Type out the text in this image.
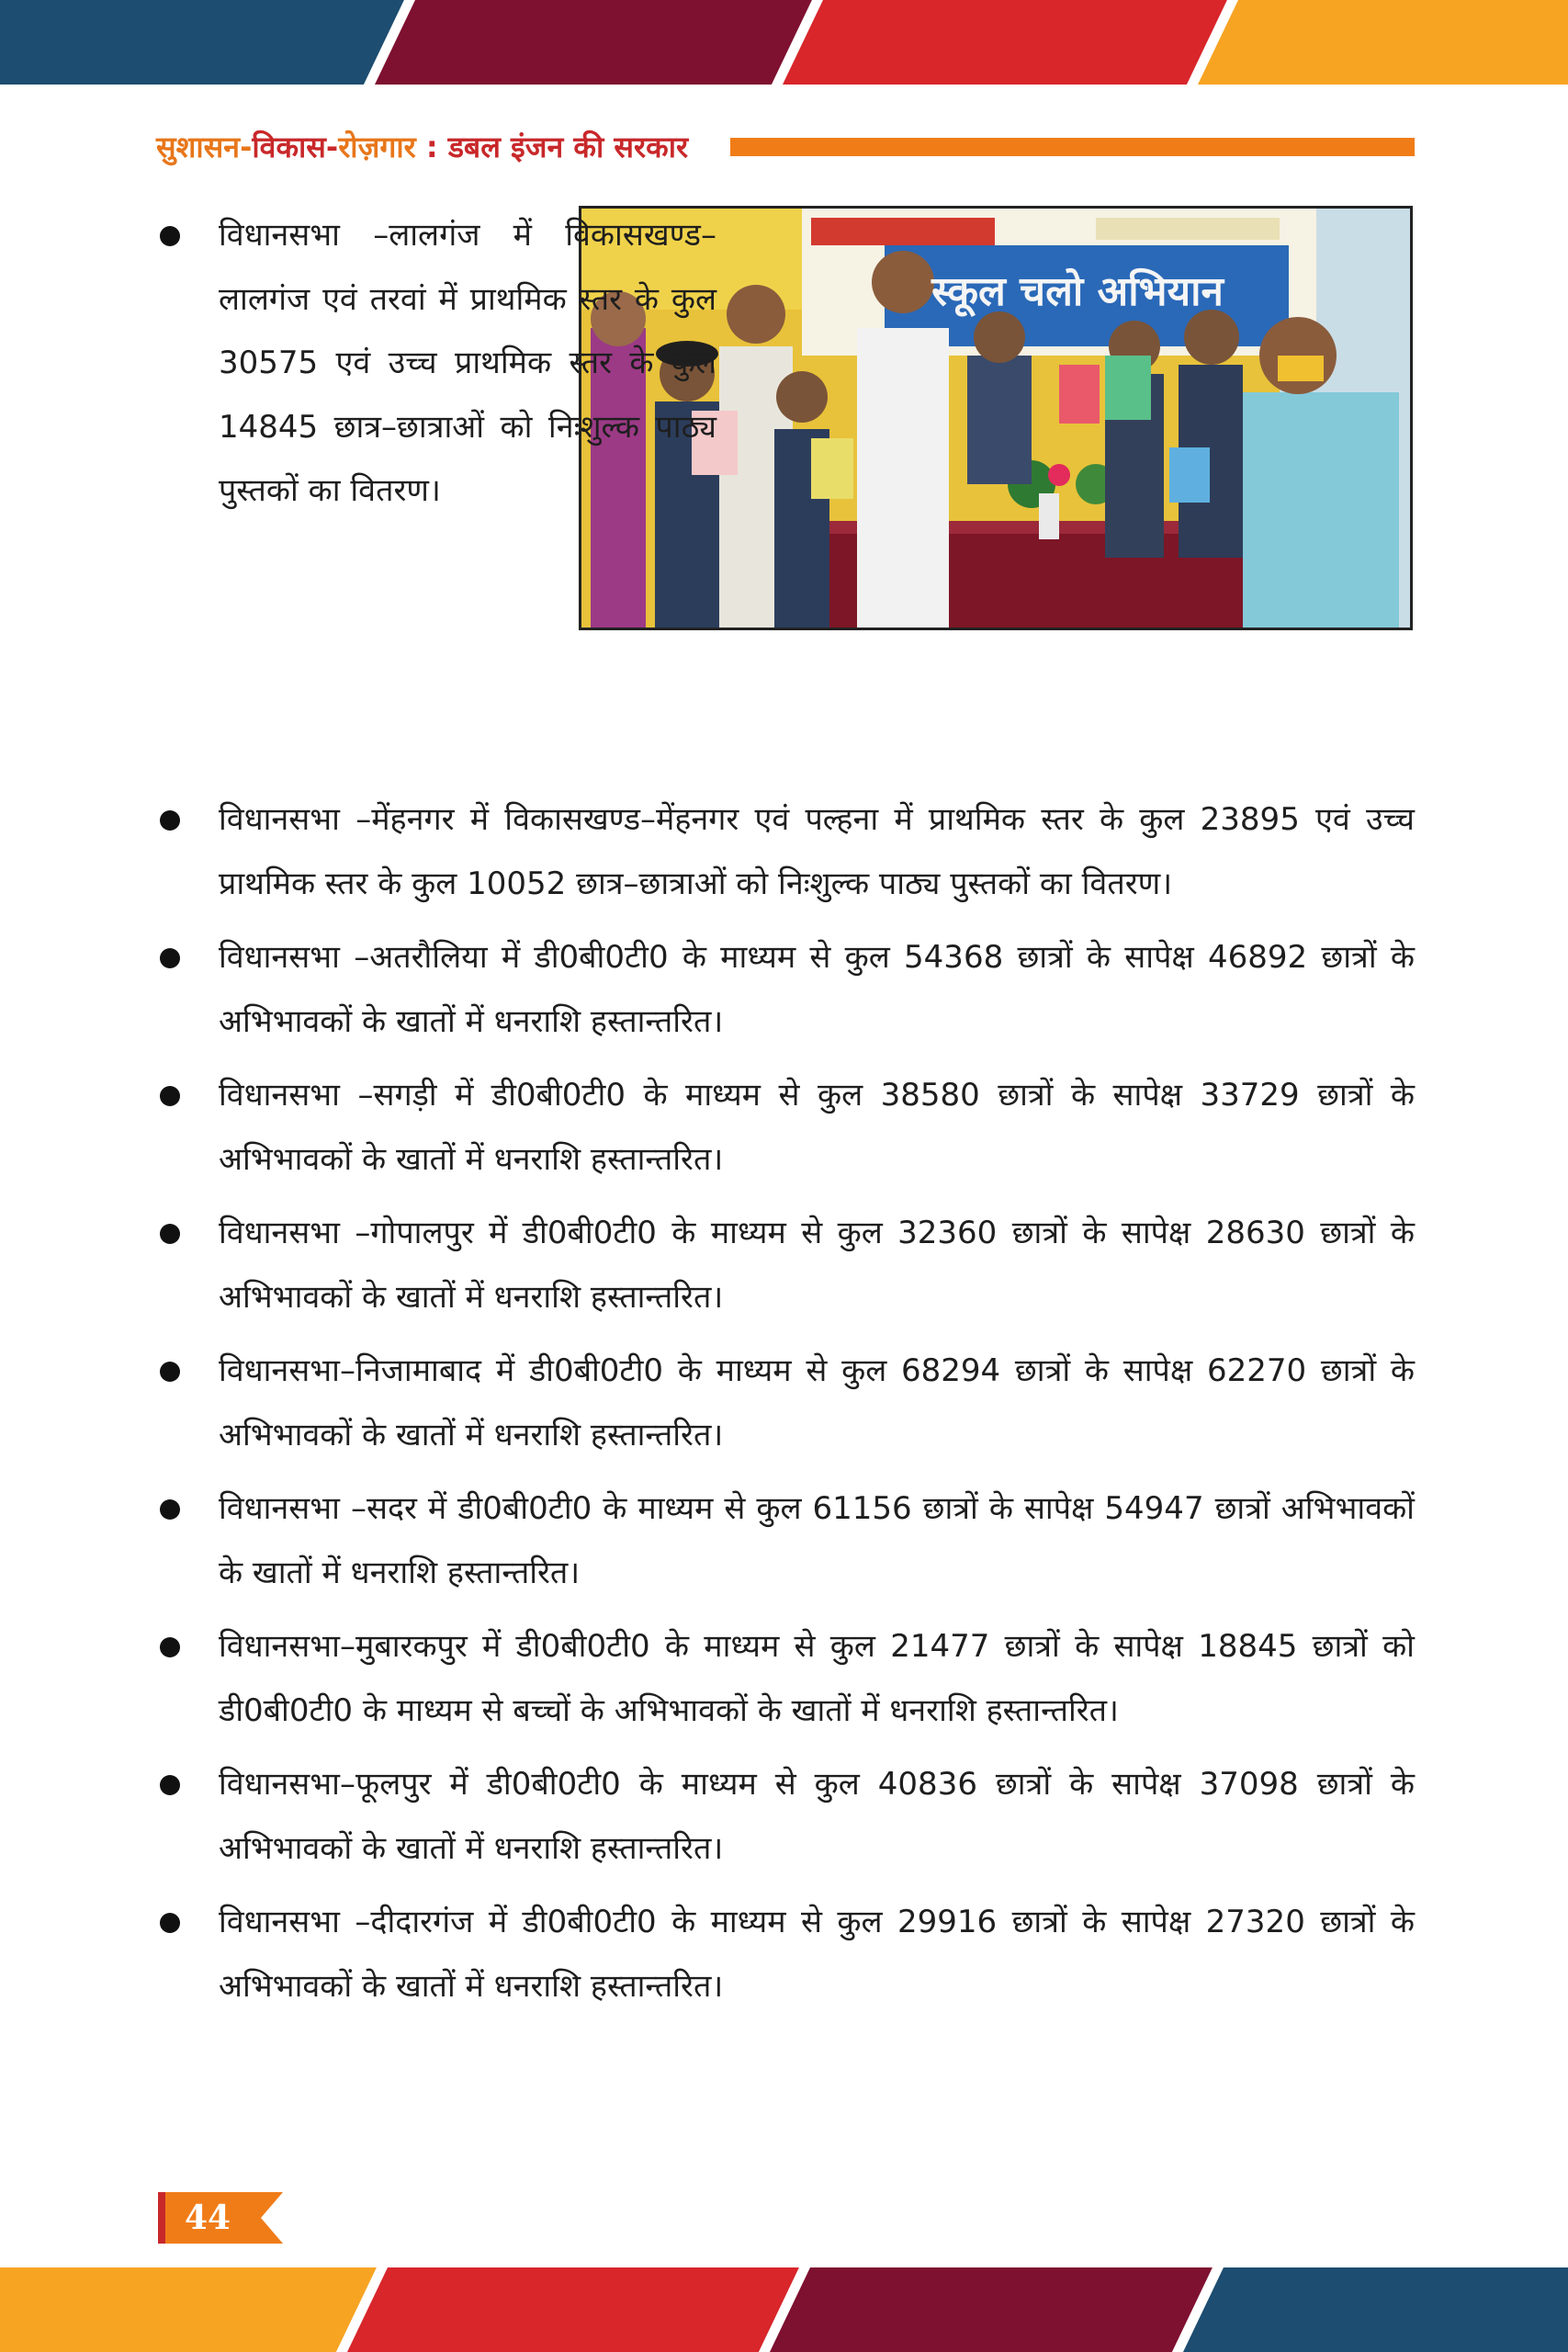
सुशासन-विकास-रोज़गार : डबल इंजन की सरकार
स्कूल चलो अभियान
विधानसभा –लालगंज में विकासखण्ड–लालगंज एवं तरवां में प्राथमिक स्तर के कुल 30575 एवं उच्च प्राथमिक स्तर के कुल 14845 छात्र–छात्राओं को निःशुल्क पाठ्य पुस्तकों का वितरण।
विधानसभा –मेंहनगर में विकासखण्ड–मेंहनगर एवं पल्हना में प्राथमिक स्तर के कुल 23895 एवं उच्च प्राथमिक स्तर के कुल 10052 छात्र–छात्राओं को निःशुल्क पाठ्य पुस्तकों का वितरण।
विधानसभा –अतरौलिया में डी0बी0टी0 के माध्यम से कुल 54368 छात्रों के सापेक्ष 46892 छात्रों के अभिभावकों के खातों में धनराशि हस्तान्तरित।
विधानसभा –सगड़ी में डी0बी0टी0 के माध्यम से कुल 38580 छात्रों के सापेक्ष 33729 छात्रों के अभिभावकों के खातों में धनराशि हस्तान्तरित।
विधानसभा –गोपालपुर में डी0बी0टी0 के माध्यम से कुल 32360 छात्रों के सापेक्ष 28630 छात्रों के अभिभावकों के खातों में धनराशि हस्तान्तरित।
विधानसभा–निजामाबाद में डी0बी0टी0 के माध्यम से कुल 68294 छात्रों के सापेक्ष 62270 छात्रों के अभिभावकों के खातों में धनराशि हस्तान्तरित।
विधानसभा –सदर में डी0बी0टी0 के माध्यम से कुल 61156 छात्रों के सापेक्ष 54947 छात्रों अभिभावकों के खातों में धनराशि हस्तान्तरित।
विधानसभा–मुबारकपुर में डी0बी0टी0 के माध्यम से कुल 21477 छात्रों के सापेक्ष 18845 छात्रों को डी0बी0टी0 के माध्यम से बच्चों के अभिभावकों के खातों में धनराशि हस्तान्तरित।
विधानसभा–फूलपुर में डी0बी0टी0 के माध्यम से कुल 40836 छात्रों के सापेक्ष 37098 छात्रों के अभिभावकों के खातों में धनराशि हस्तान्तरित।
विधानसभा –दीदारगंज में डी0बी0टी0 के माध्यम से कुल 29916 छात्रों के सापेक्ष 27320 छात्रों के अभिभावकों के खातों में धनराशि हस्तान्तरित।
44
